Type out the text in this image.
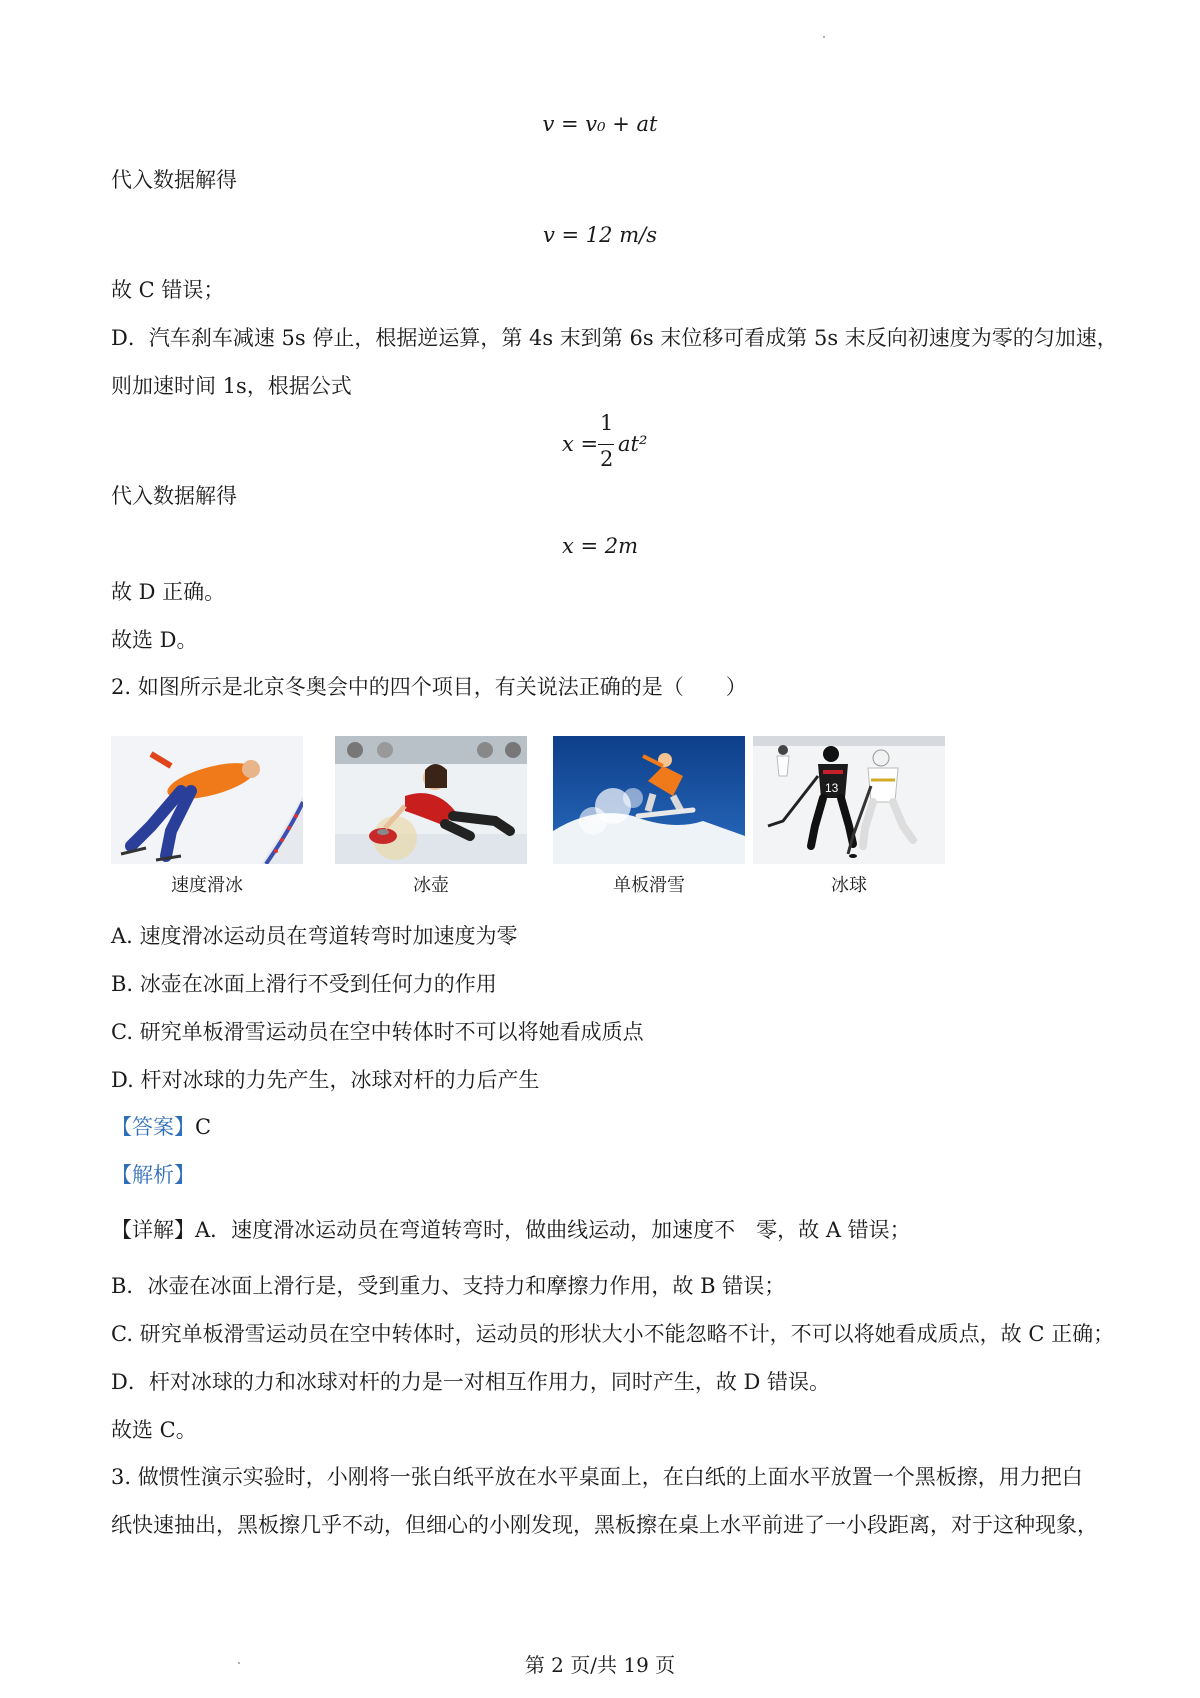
v = v₀ + at
代入数据解得
v = 12 m/s
故 C 错误；
D．汽车刹车减速 5s 停止，根据逆运算，第 4s 末到第 6s 末位移可看成第 5s 末反向初速度为零的匀加速，
则加速时间 1s，根据公式
x =
1
2
at²
代入数据解得
x = 2m
故 D 正确。
故选 D。
2. 如图所示是北京冬奥会中的四个项目，有关说法正确的是（　　）
速度滑冰	冰壶	单板滑雪
13
冰球
A. 速度滑冰运动员在弯道转弯时加速度为零
B. 冰壶在冰面上滑行不受到任何力的作用
C. 研究单板滑雪运动员在空中转体时不可以将她看成质点
D. 杆对冰球的力先产生，冰球对杆的力后产生
【答案】C
【解析】
【详解】A．速度滑冰运动员在弯道转弯时，做曲线运动，加速度不　零，故 A 错误；
B．冰壶在冰面上滑行是，受到重力、支持力和摩擦力作用，故 B 错误；
C. 研究单板滑雪运动员在空中转体时，运动员的形状大小不能忽略不计，不可以将她看成质点，故 C 正确；
D．杆对冰球的力和冰球对杆的力是一对相互作用力，同时产生，故 D 错误。
故选 C。
3. 做惯性演示实验时，小刚将一张白纸平放在水平桌面上，在白纸的上面水平放置一个黑板擦，用力把白
纸快速抽出，黑板擦几乎不动，但细心的小刚发现，黑板擦在桌上水平前进了一小段距离，对于这种现象，
第 2 页/共 19 页
